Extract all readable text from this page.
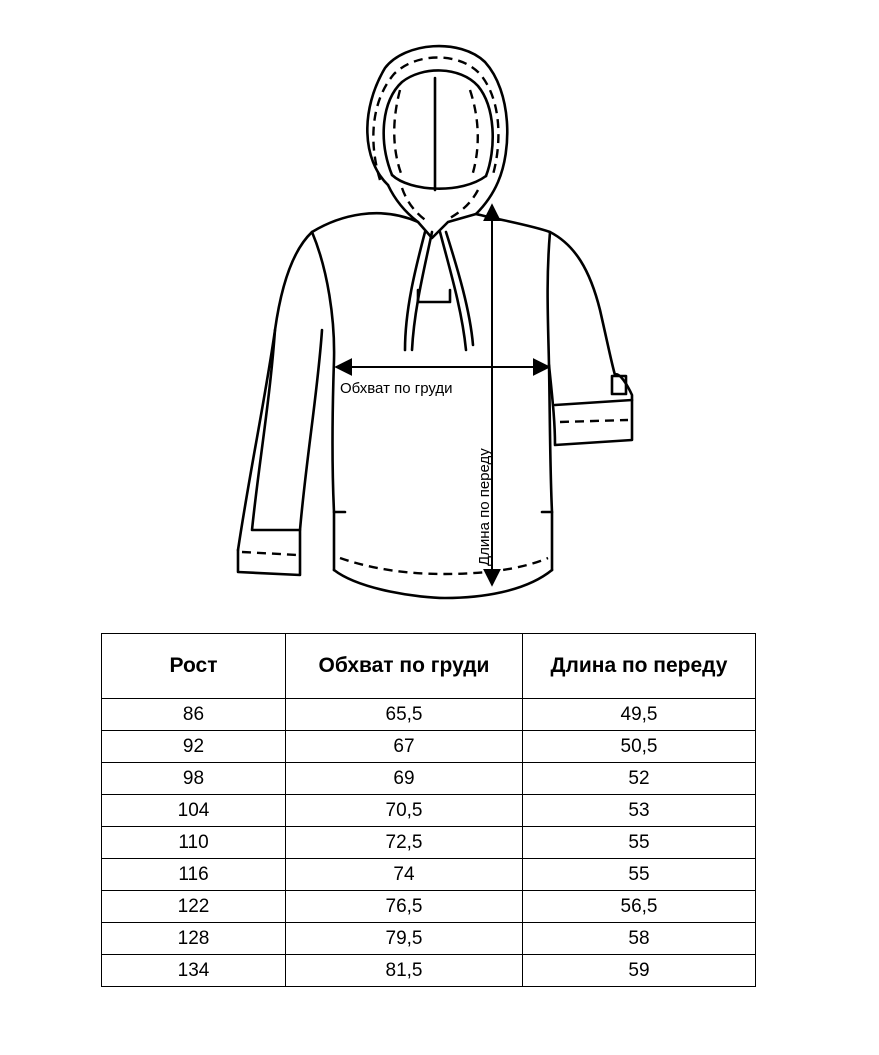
Обхват по груди
Длина по переду
Рост	Обхват по груди	Длина по переду
86	65,5	49,5
92	67	50,5
98	69	52
104	70,5	53
110	72,5	55
116	74	55
122	76,5	56,5
128	79,5	58
134	81,5	59
